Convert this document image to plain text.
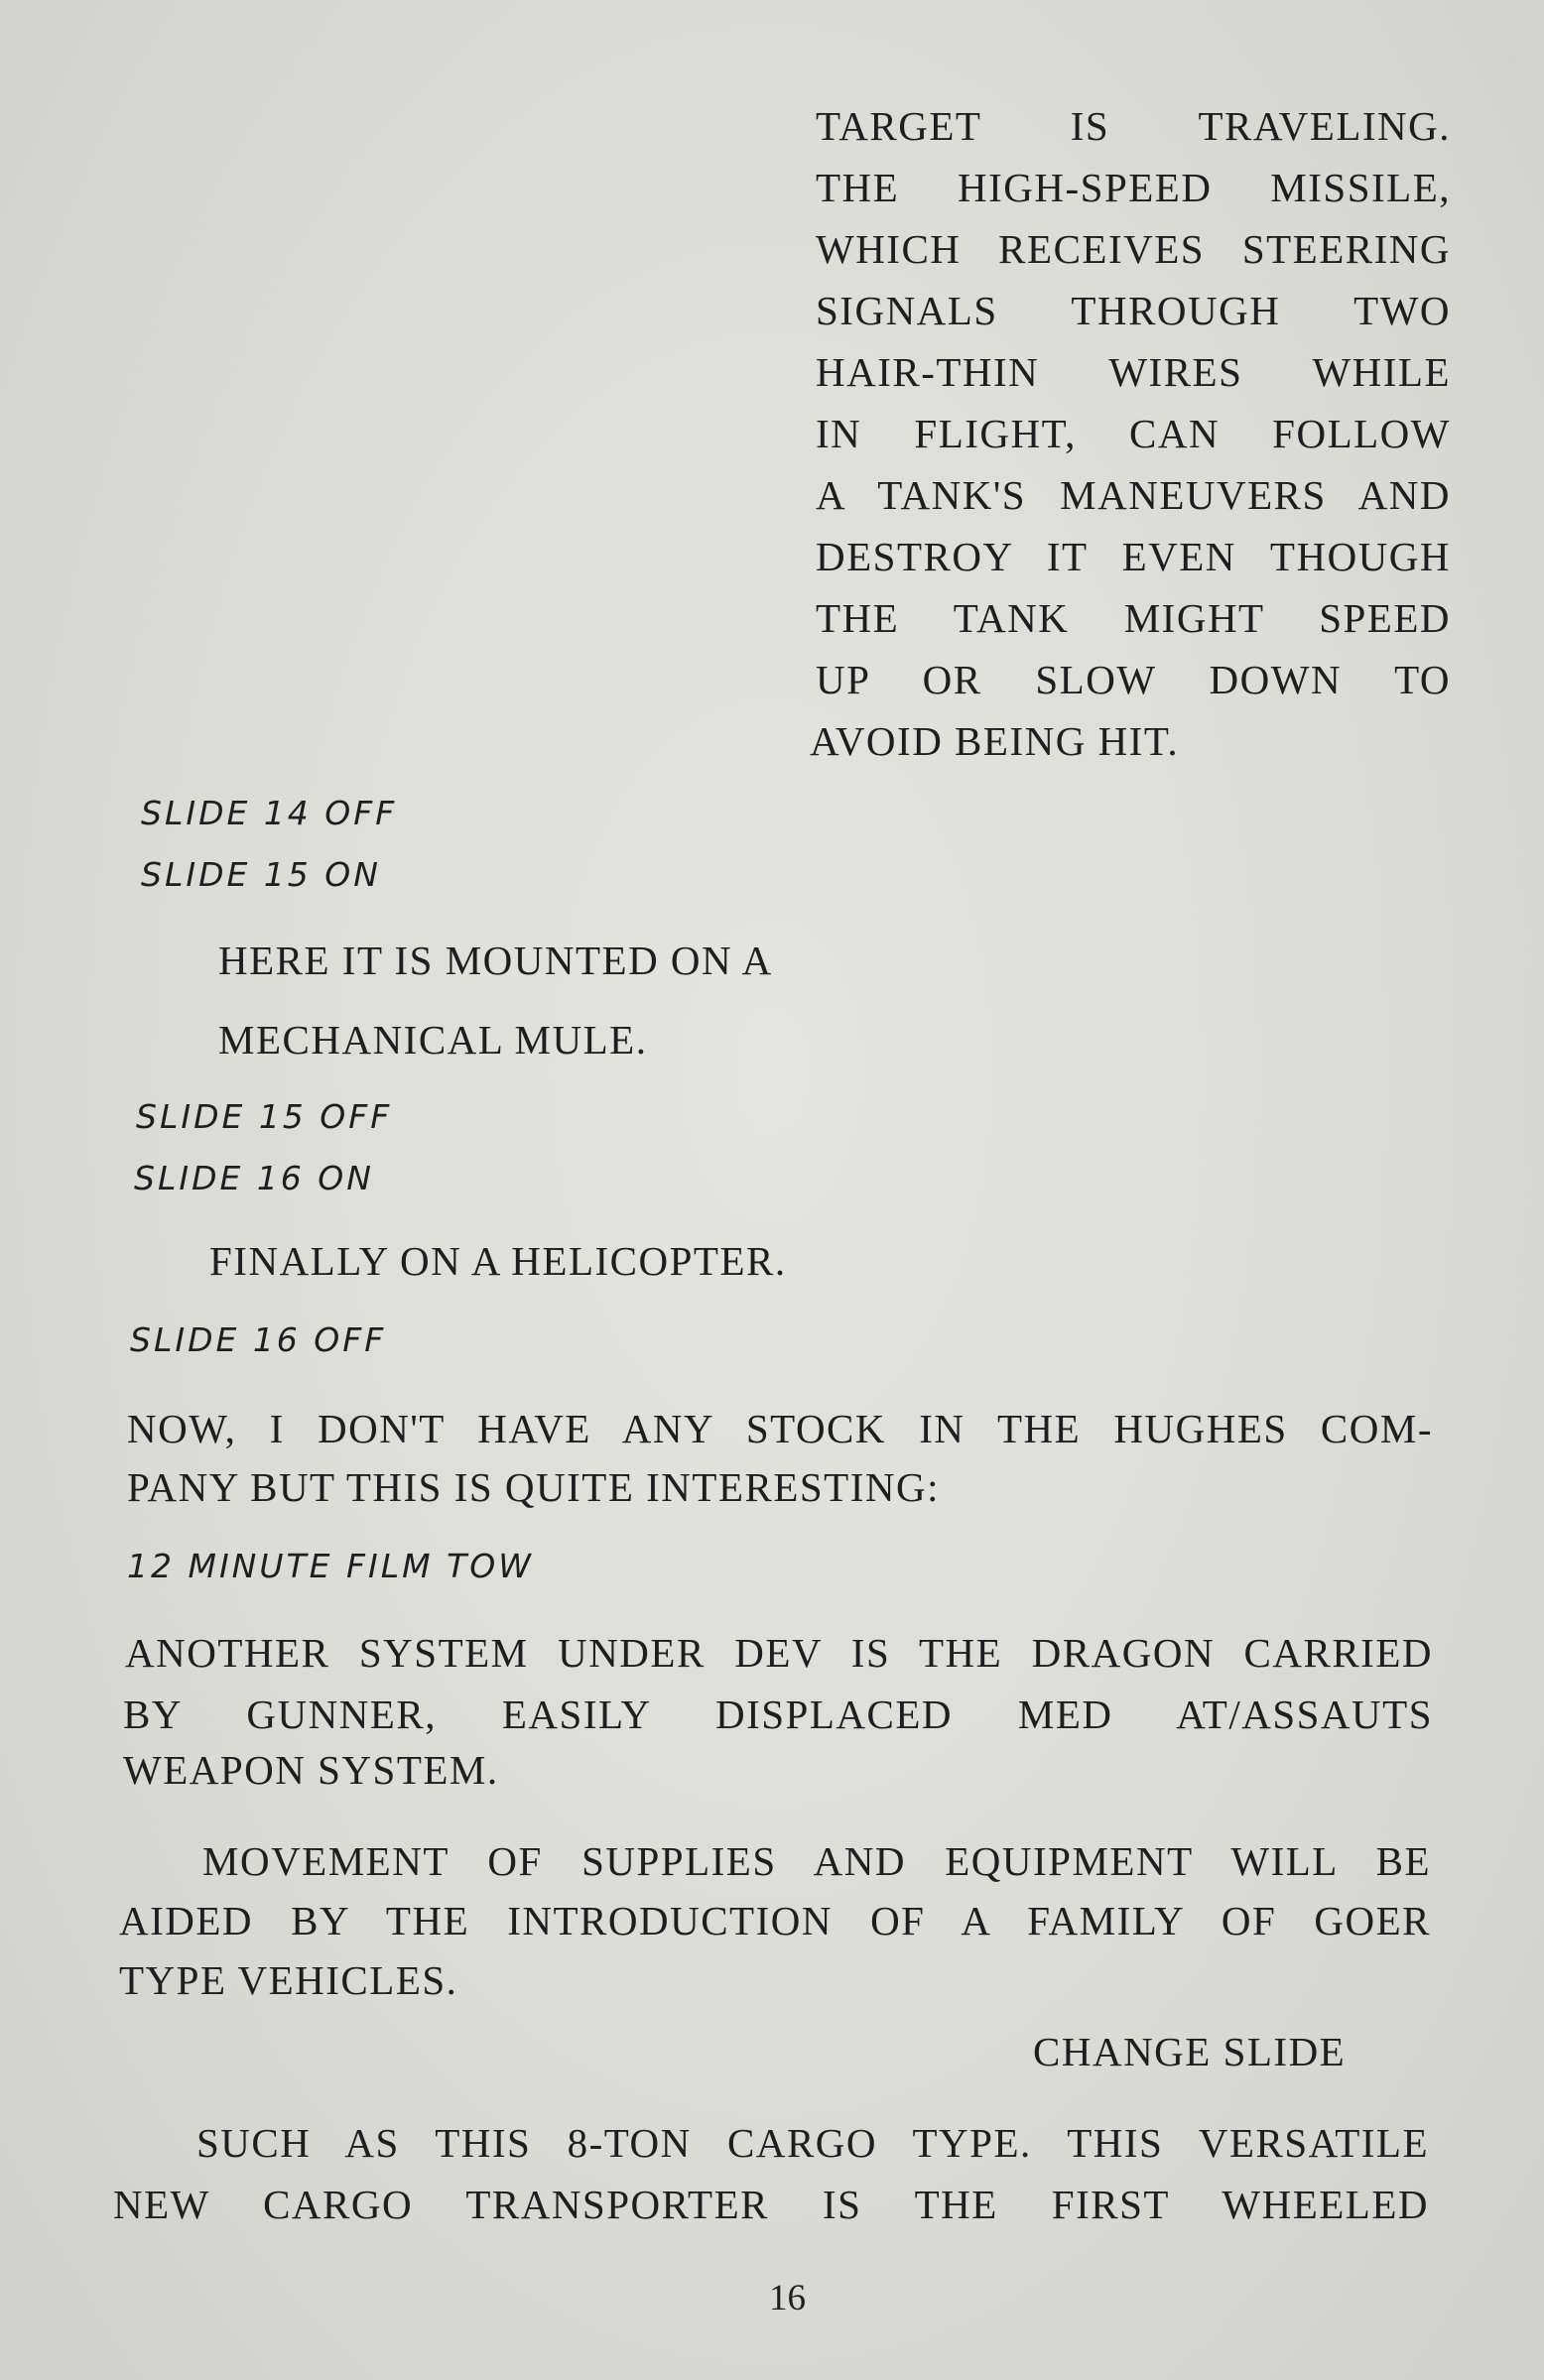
TARGET IS TRAVELING.
THE HIGH-SPEED MISSILE,
WHICH RECEIVES STEERING
SIGNALS THROUGH TWO
HAIR-THIN WIRES WHILE
IN FLIGHT, CAN FOLLOW
A TANK'S MANEUVERS AND
DESTROY IT EVEN THOUGH
THE TANK MIGHT SPEED
UP OR SLOW DOWN TO
AVOID BEING HIT.
SLIDE 14 OFF
SLIDE 15 ON
HERE IT IS MOUNTED ON A
MECHANICAL MULE.
SLIDE 15 OFF
SLIDE 16 ON
FINALLY ON A HELICOPTER.
SLIDE 16 OFF
NOW, I DON'T HAVE ANY STOCK IN THE HUGHES COM-
PANY BUT THIS IS QUITE INTERESTING:
12 MINUTE FILM TOW
ANOTHER SYSTEM UNDER DEV IS THE DRAGON CARRIED
BY GUNNER, EASILY DISPLACED MED AT/ASSAUTS
WEAPON SYSTEM.
MOVEMENT OF SUPPLIES AND EQUIPMENT WILL BE
AIDED BY THE INTRODUCTION OF A FAMILY OF GOER
TYPE VEHICLES.
CHANGE SLIDE
SUCH AS THIS 8-TON CARGO TYPE. THIS VERSATILE
NEW CARGO TRANSPORTER IS THE FIRST WHEELED
16
